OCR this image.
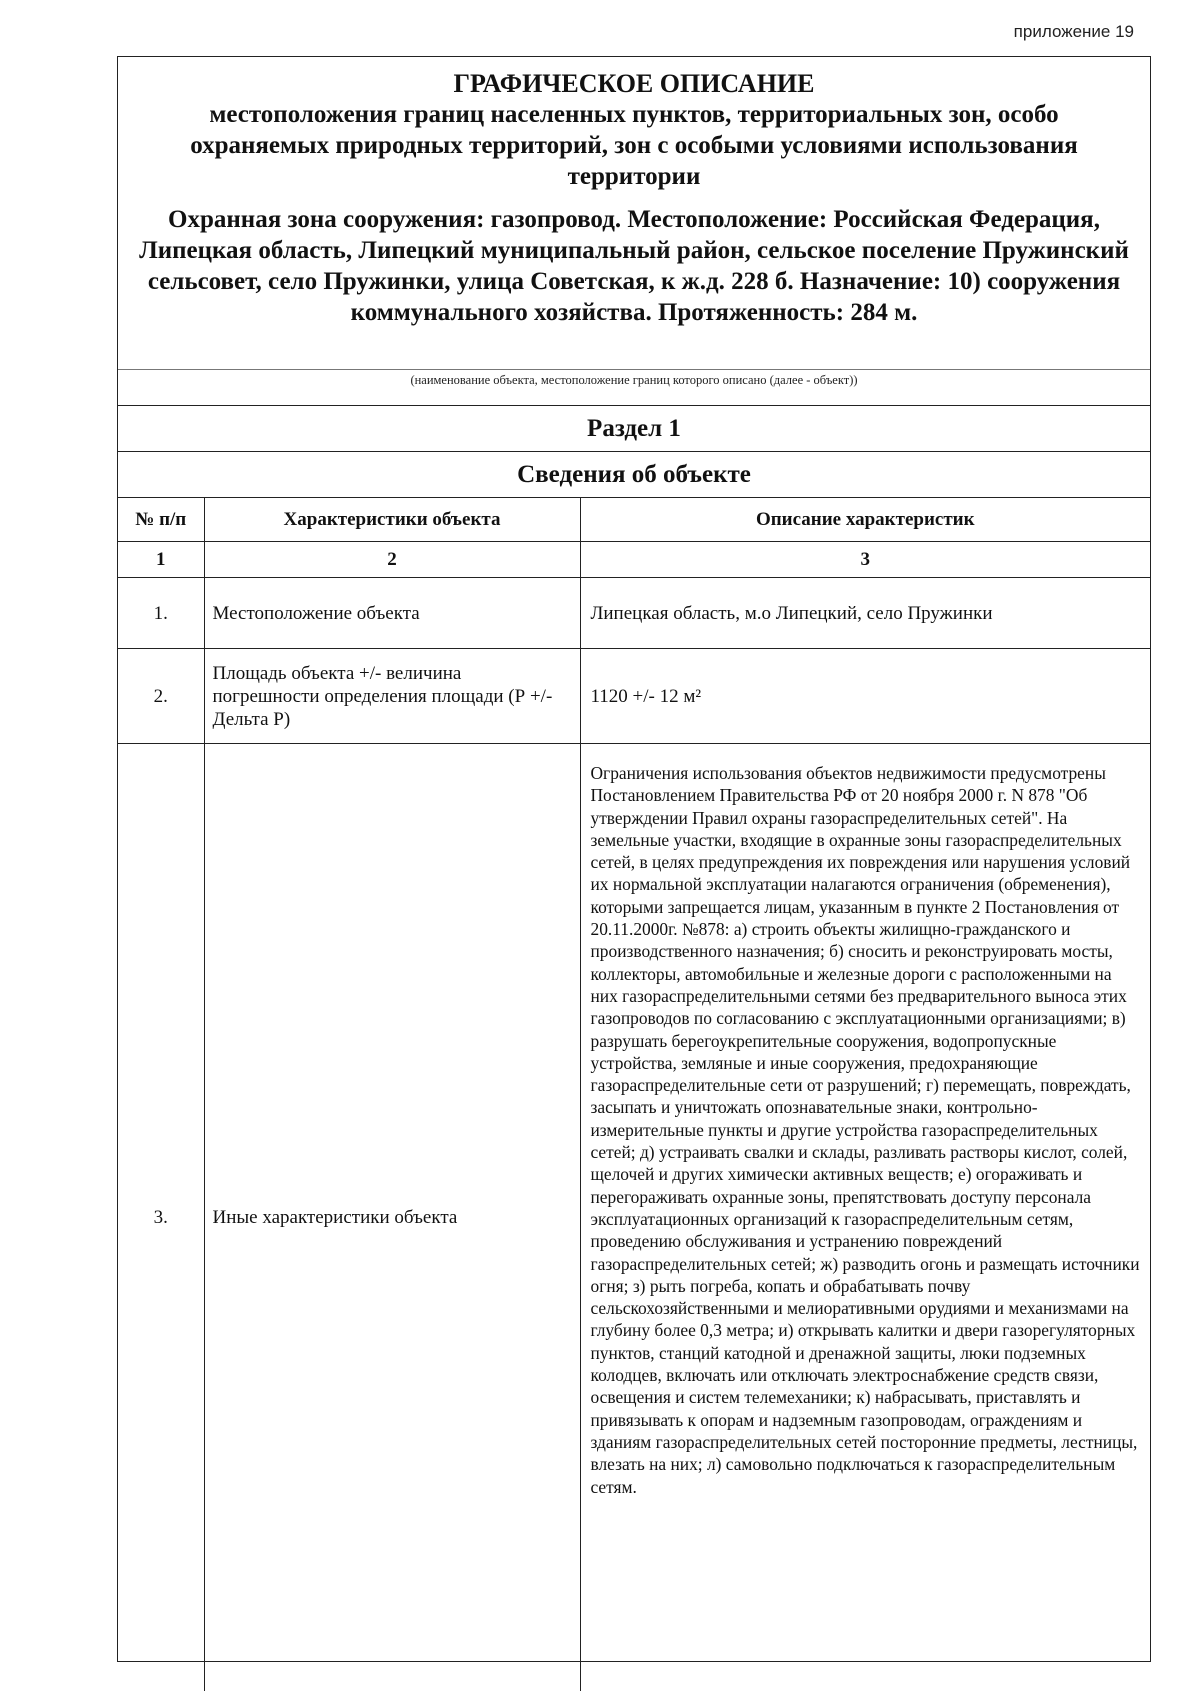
приложение 19
ГРАФИЧЕСКОЕ ОПИСАНИЕ
местоположения границ населенных пунктов, территориальных зон, особо охраняемых природных территорий, зон с особыми условиями использования территории
Охранная зона сооружения: газопровод. Местоположение: Российская Федерация, Липецкая область, Липецкий муниципальный район, сельское поселение Пружинский сельсовет, село Пружинки, улица Советская, к ж.д. 228 б. Назначение: 10) сооружения коммунального хозяйства. Протяженность: 284 м.
(наименование объекта, местоположение границ которого описано (далее - объект))
Раздел 1
Сведения об объекте
№ п/п	Характеристики объекта	Описание характеристик
1	2	3
1.	Местоположение объекта	Липецкая область, м.о Липецкий, село Пружинки
2.	Площадь объекта +/- величина погрешности определения площади (Р +/- Дельта Р)	1120 +/- 12 м²
3.	Иные характеристики объекта	Ограничения использования объектов недвижимости предусмотрены Постановлением Правительства РФ от 20 ноября 2000 г. N 878 "Об утверждении Правил охраны газораспределительных сетей". На земельные участки, входящие в охранные зоны газораспределительных сетей, в целях предупреждения их повреждения или нарушения условий их нормальной эксплуатации налагаются ограничения (обременения), которыми запрещается лицам, указанным в пункте 2 Постановления от 20.11.2000г. №878: а) строить объекты жилищно-гражданского и производственного назначения; б) сносить и реконструировать мосты, коллекторы, автомобильные и железные дороги с расположенными на них газораспределительными сетями без предварительного выноса этих газопроводов по согласованию с эксплуатационными организациями; в) разрушать берегоукрепительные сооружения, водопропускные устройства, земляные и иные сооружения, предохраняющие газораспределительные сети от разрушений; г) перемещать, повреждать, засыпать и уничтожать опознавательные знаки, контрольно-измерительные пункты и другие устройства газораспределительных сетей; д) устраивать свалки и склады, разливать растворы кислот, солей, щелочей и других химически активных веществ; е) огораживать и перегораживать охранные зоны, препятствовать доступу персонала эксплуатационных организаций к газораспределительным сетям, проведению обслуживания и устранению повреждений газораспределительных сетей; ж) разводить огонь и размещать источники огня; з) рыть погреба, копать и обрабатывать почву сельскохозяйственными и мелиоративными орудиями и механизмами на глубину более 0,3 метра; и) открывать калитки и двери газорегуляторных пунктов, станций катодной и дренажной защиты, люки подземных колодцев, включать или отключать электроснабжение средств связи, освещения и систем телемеханики; к) набрасывать, приставлять и привязывать к опорам и надземным газопроводам, ограждениям и зданиям газораспределительных сетей посторонние предметы, лестницы, влезать на них; л) самовольно подключаться к газораспределительным сетям.
